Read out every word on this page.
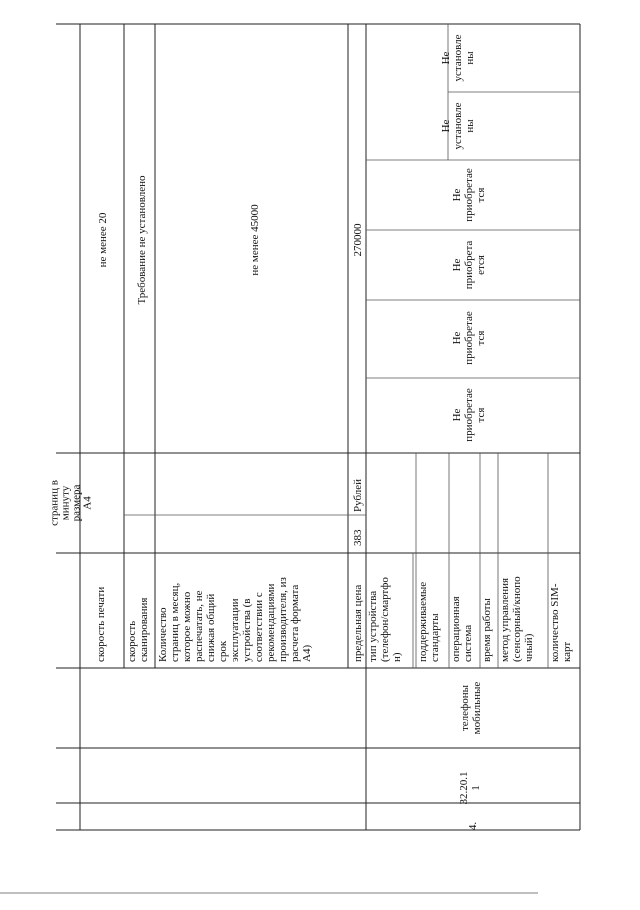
4.
32.20.11
телефонымобильные
383
Рублей
скорость печати
страниц вминутуразмераА4
не менее 20
скоростьсканирования
Требование не установлено
Количествостраниц в месяц,которое можнораспечатать, неснижая общийсрокэксплуатацииустройства (всоответствии срекомендациямипроизводителя, израсчета форматаА4)
не менее 45000
предельная цена
270000
тип устройства(телефон/смартфон) поддерживаемыестандарты операционнаясистема время работы метод управления(сенсорный/кнопочный) количество SIM-карт
Неприобретается
Неприобретается
Неприобретается
Неприобретается
Неустановлены
Неустановлены
